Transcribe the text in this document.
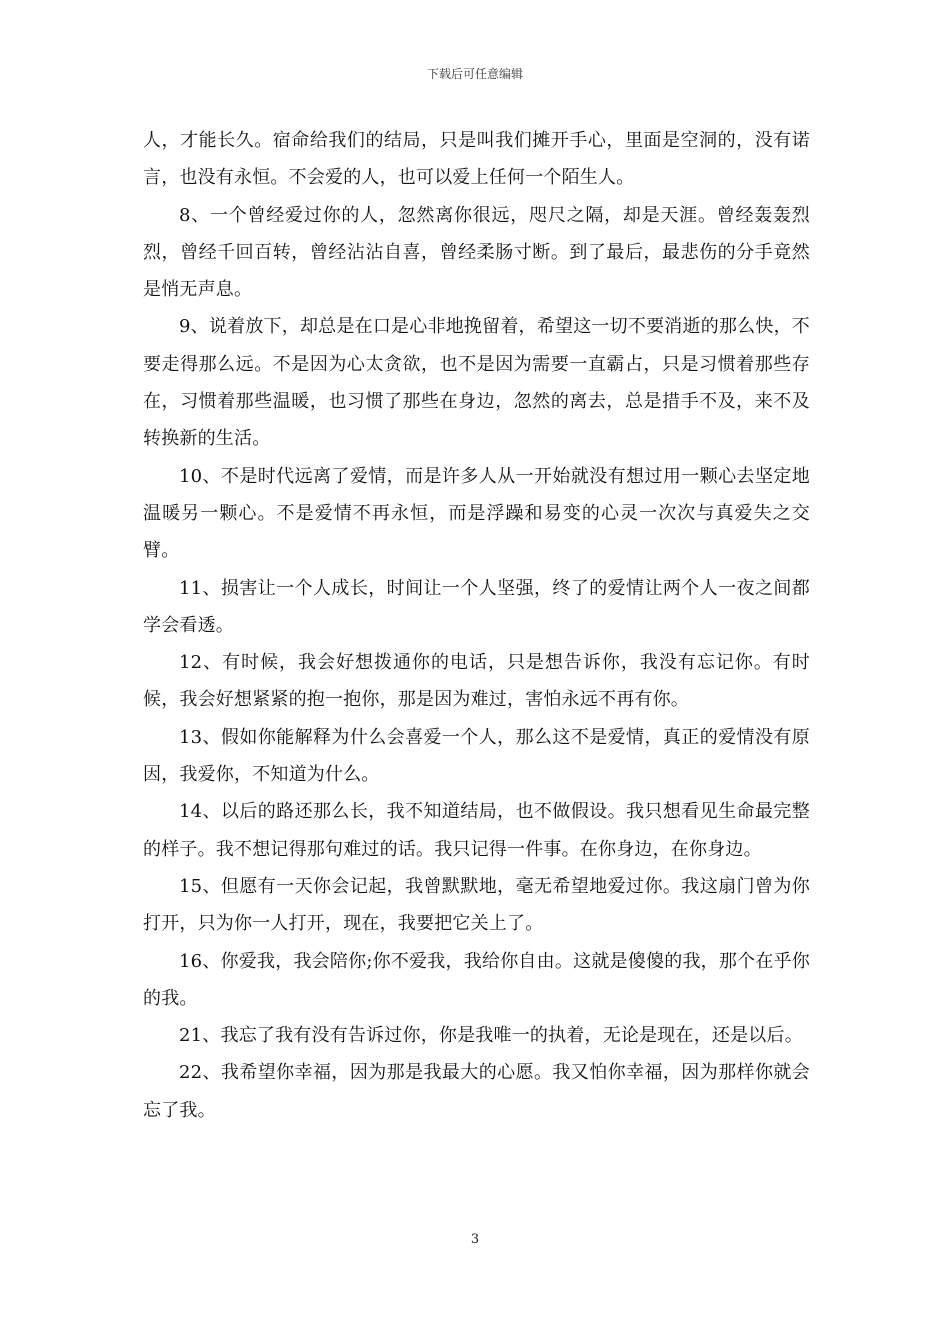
下载后可任意编辑

人，才能长久。宿命给我们的结局，只是叫我们摊开手心，里面是空洞的，没有诺言，也没有永恒。不会爱的人，也可以爱上任何一个陌生人。

8、一个曾经爱过你的人，忽然离你很远，咫尺之隔，却是天涯。曾经轰轰烈烈，曾经千回百转，曾经沾沾自喜，曾经柔肠寸断。到了最后，最悲伤的分手竟然是悄无声息。

9、说着放下，却总是在口是心非地挽留着，希望这一切不要消逝的那么快，不要走得那么远。不是因为心太贪欲，也不是因为需要一直霸占，只是习惯着那些存在，习惯着那些温暖，也习惯了那些在身边，忽然的离去，总是措手不及，来不及转换新的生活。

10、不是时代远离了爱情，而是许多人从一开始就没有想过用一颗心去坚定地温暖另一颗心。不是爱情不再永恒，而是浮躁和易变的心灵一次次与真爱失之交臂。

11、损害让一个人成长，时间让一个人坚强，终了的爱情让两个人一夜之间都学会看透。

12、有时候，我会好想拨通你的电话，只是想告诉你，我没有忘记你。有时候，我会好想紧紧的抱一抱你，那是因为难过，害怕永远不再有你。

13、假如你能解释为什么会喜爱一个人，那么这不是爱情，真正的爱情没有原因，我爱你，不知道为什么。

14、以后的路还那么长，我不知道结局，也不做假设。我只想看见生命最完整的样子。我不想记得那句难过的话。我只记得一件事。在你身边，在你身边。

15、但愿有一天你会记起，我曾默默地，毫无希望地爱过你。我这扇门曾为你打开，只为你一人打开，现在，我要把它关上了。

16、你爱我，我会陪你;你不爱我，我给你自由。这就是傻傻的我，那个在乎你的我。

21、我忘了我有没有告诉过你，你是我唯一的执着，无论是现在，还是以后。

22、我希望你幸福，因为那是我最大的心愿。我又怕你幸福，因为那样你就会忘了我。

3
